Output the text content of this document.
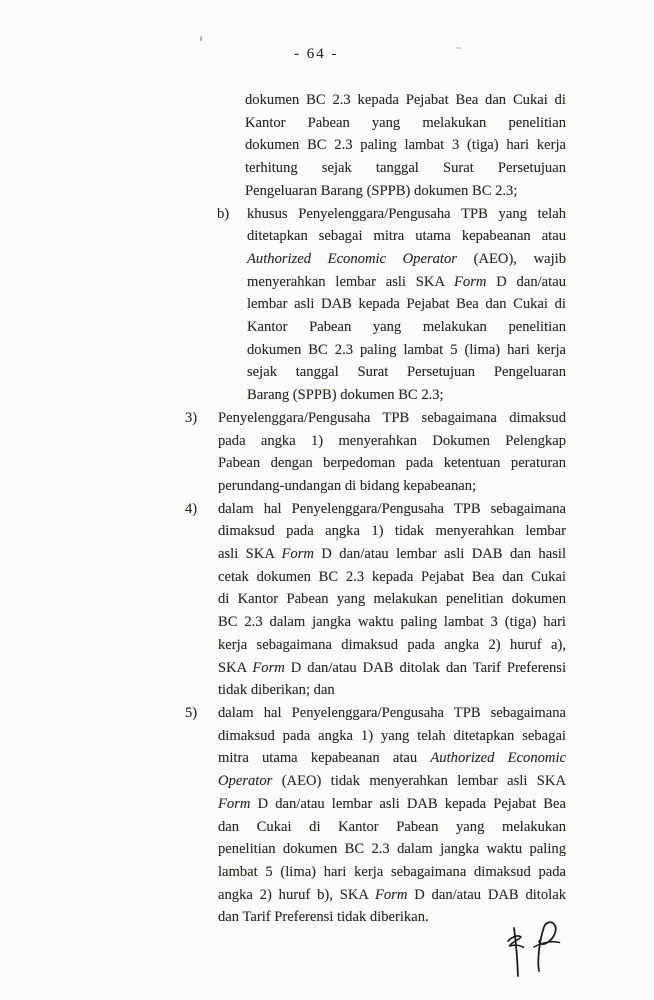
- 64 -
dokumen BC 2.3 kepada Pejabat Bea dan Cukai di
Kantor Pabean yang melakukan penelitian
dokumen BC 2.3 paling lambat 3 (tiga) hari kerja
terhitung sejak tanggal Surat Persetujuan
Pengeluaran Barang (SPPB) dokumen BC 2.3;
b)	khusus Penyelenggara/Pengusaha TPB yang telah
ditetapkan sebagai mitra utama kepabeanan atau
Authorized Economic Operator (AEO), wajib
menyerahkan lembar asli SKA Form D dan/atau
lembar asli DAB kepada Pejabat Bea dan Cukai di
Kantor Pabean yang melakukan penelitian
dokumen BC 2.3 paling lambat 5 (lima) hari kerja
sejak tanggal Surat Persetujuan Pengeluaran
Barang (SPPB) dokumen BC 2.3;
3)	Penyelenggara/Pengusaha TPB sebagaimana dimaksud
pada angka 1) menyerahkan Dokumen Pelengkap
Pabean dengan berpedoman pada ketentuan peraturan
perundang-undangan di bidang kepabeanan;
4)	dalam hal Penyelenggara/Pengusaha TPB sebagaimana
dimaksud pada angka 1) tidak menyerahkan lembar
asli SKA Form D dan/atau lembar asli DAB dan hasil
cetak dokumen BC 2.3 kepada Pejabat Bea dan Cukai
di Kantor Pabean yang melakukan penelitian dokumen
BC 2.3 dalam jangka waktu paling lambat 3 (tiga) hari
kerja sebagaimana dimaksud pada angka 2) huruf a),
SKA Form D dan/atau DAB ditolak dan Tarif Preferensi
tidak diberikan; dan
5)	dalam hal Penyelenggara/Pengusaha TPB sebagaimana
dimaksud pada angka 1) yang telah ditetapkan sebagai
mitra utama kepabeanan atau Authorized Economic
Operator (AEO) tidak menyerahkan lembar asli SKA
Form D dan/atau lembar asli DAB kepada Pejabat Bea
dan Cukai di Kantor Pabean yang melakukan
penelitian dokumen BC 2.3 dalam jangka waktu paling
lambat 5 (lima) hari kerja sebagaimana dimaksud pada
angka 2) huruf b), SKA Form D dan/atau DAB ditolak
dan Tarif Preferensi tidak diberikan.
